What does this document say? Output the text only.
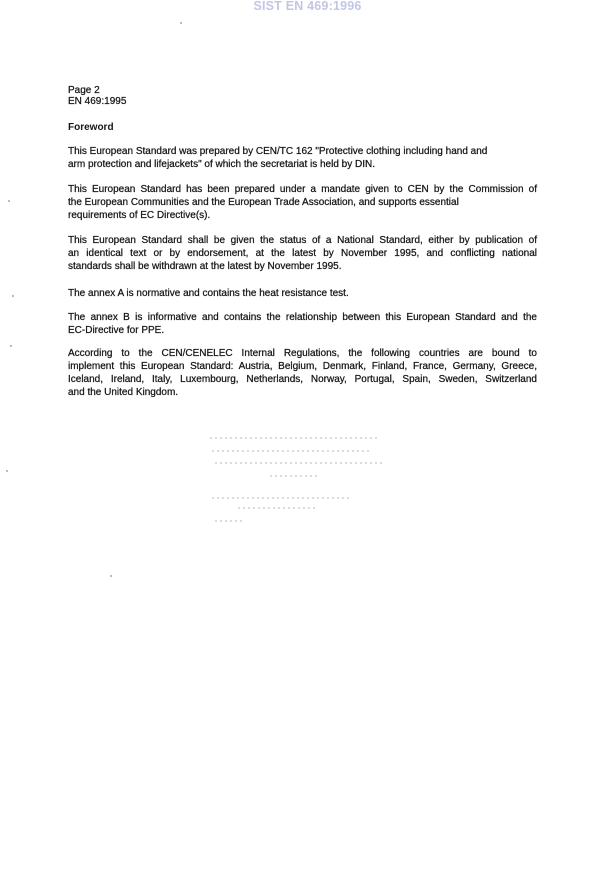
SIST EN 469:1996
Page 2
EN 469:1995
Foreword
This European Standard was prepared by CEN/TC 162 "Protective clothing including hand and
arm protection and lifejackets" of which the secretariat is held by DIN.
This European Standard has been prepared under a mandate given to CEN by the Commission of
the European Communities and the European Trade Association, and supports essential
requirements of EC Directive(s).
This European Standard shall be given the status of a National Standard, either by publication of
an identical text or by endorsement, at the latest by November 1995, and conflicting national
standards shall be withdrawn at the latest by November 1995.
The annex A is normative and contains the heat resistance test.
The annex B is informative and contains the relationship between this European Standard and the
EC-Directive for PPE.
According to the CEN/CENELEC Internal Regulations, the following countries are bound to
implement this European Standard: Austria, Belgium, Denmark, Finland, France, Germany, Greece,
Iceland, Ireland, Italy, Luxembourg, Netherlands, Norway, Portugal, Spain, Sweden, Switzerland
and the United Kingdom.
